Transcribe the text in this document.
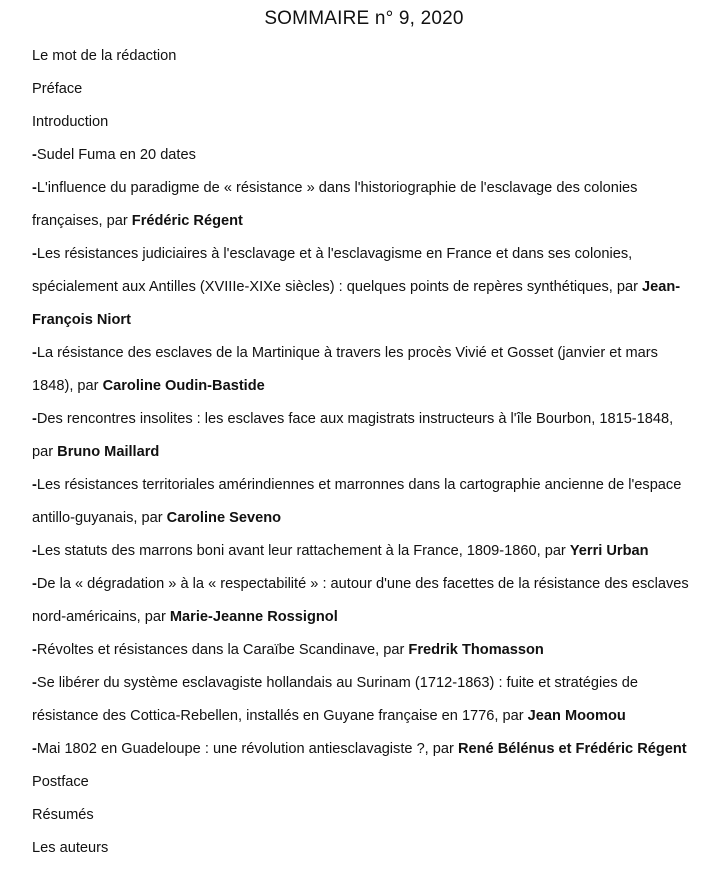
SOMMAIRE n° 9, 2020

Le mot de la rédaction

Préface

Introduction

-Sudel Fuma en 20 dates

-L'influence du paradigme de « résistance » dans l'historiographie de l'esclavage des colonies françaises, par Frédéric Régent

-Les résistances judiciaires à l'esclavage et à l'esclavagisme en France et dans ses colonies, spécialement aux Antilles (XVIIIe-XIXe siècles) : quelques points de repères synthétiques, par Jean-François Niort

-La résistance des esclaves de la Martinique à travers les procès Vivié et Gosset (janvier et mars 1848), par Caroline Oudin-Bastide

-Des rencontres insolites : les esclaves face aux magistrats instructeurs à l'île Bourbon, 1815-1848, par Bruno Maillard

-Les résistances territoriales amérindiennes et marronnes dans la cartographie ancienne de l'espace antillo-guyanais, par Caroline Seveno

-Les statuts des marrons boni avant leur rattachement à la France, 1809-1860, par Yerri Urban

-De la « dégradation » à la « respectabilité » : autour d'une des facettes de la résistance des esclaves nord-américains, par Marie-Jeanne Rossignol

-Révoltes et résistances dans la Caraïbe Scandinave, par Fredrik Thomasson

-Se libérer du système esclavagiste hollandais au Surinam (1712-1863) : fuite et stratégies de résistance des Cottica-Rebellen, installés en Guyane française en 1776, par Jean Moomou

-Mai 1802 en Guadeloupe : une révolution antiesclavagiste ?, par René Bélénus et Frédéric Régent

Postface

Résumés

Les auteurs
